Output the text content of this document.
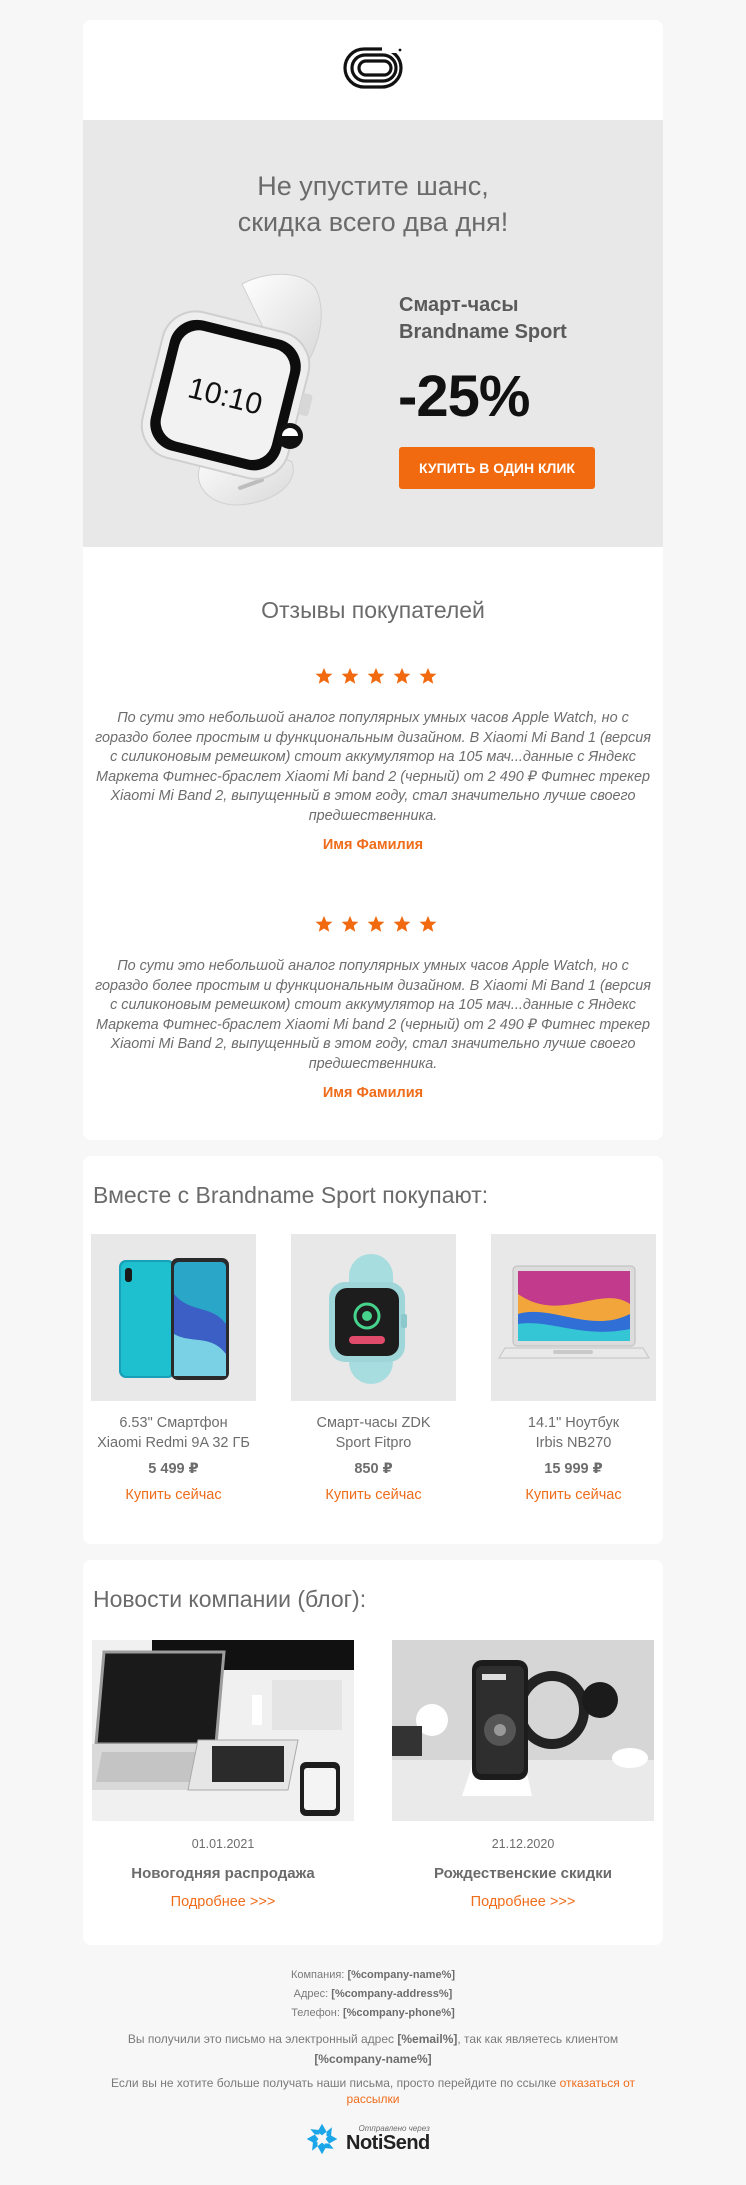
Не упустите шанс,
скидка всего два дня!
10:10
Смарт-часы
Brandname Sport
-25%
КУПИТЬ В ОДИН КЛИК
Отзывы покупателей
По сути это небольшой аналог популярных умных часов Apple Watch, но с гораздо более простым и функциональным дизайном. В Xiaomi Mi Band 1 (версия с силиконовым ремешком) стоит аккумулятор на 105 мач...данные с Яндекс Маркета Фитнес-браслет Xiaomi Mi band 2 (черный) от 2 490 ₽ Фитнес трекер Xiaomi Mi Band 2, выпущенный в этом году, стал значительно лучше своего предшественника.
Имя Фамилия
По сути это небольшой аналог популярных умных часов Apple Watch, но с гораздо более простым и функциональным дизайном. В Xiaomi Mi Band 1 (версия с силиконовым ремешком) стоит аккумулятор на 105 мач...данные с Яндекс Маркета Фитнес-браслет Xiaomi Mi band 2 (черный) от 2 490 ₽ Фитнес трекер Xiaomi Mi Band 2, выпущенный в этом году, стал значительно лучше своего предшественника.
Имя Фамилия
Вместе с Brandname Sport покупают:
6.53" Смартфон
Xiaomi Redmi 9A 32 ГБ
5 499 ₽
Купить сейчас
Смарт-часы ZDK
Sport Fitpro
850 ₽
Купить сейчас
14.1" Ноутбук
Irbis NB270
15 999 ₽
Купить сейчас
Новости компании (блог):
01.01.2021
Новогодняя распродажа
Подробнее >>>
21.12.2020
Рождественские скидки
Подробнее >>>
Компания: [%company-name%]
Адрес: [%company-address%]
Телефон: [%company-phone%]
Вы получили это письмо на электронный адрес [%email%], так как являетесь клиентом
[%company-name%]
Если вы не хотите больше получать наши письма, просто перейдите по ссылке отказаться от рассылки
Отправлено через
NotiSend
